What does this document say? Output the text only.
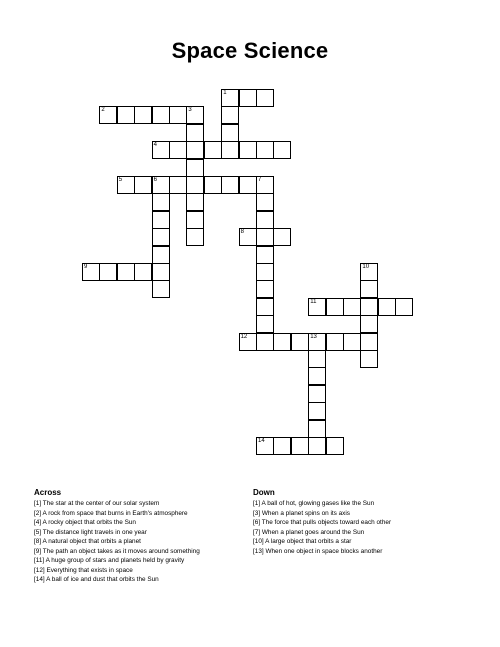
Space Science
1
2	3
4
5	6	7
8
9	10
11
12	13
14
Across
[1] The star at the center of our solar system
[2] A rock from space that burns in Earth's atmosphere
[4] A rocky object that orbits the Sun
[5] The distance light travels in one year
[8] A natural object that orbits a planet
[9] The path an object takes as it moves around something
[11] A huge group of stars and planets held by gravity
[12] Everything that exists in space
[14] A ball of ice and dust that orbits the Sun
Down
[1] A ball of hot, glowing gases like the Sun
[3] When a planet spins on its axis
[6] The force that pulls objects toward each other
[7] When a planet goes around the Sun
[10] A large object that orbits a star
[13] When one object in space blocks another
